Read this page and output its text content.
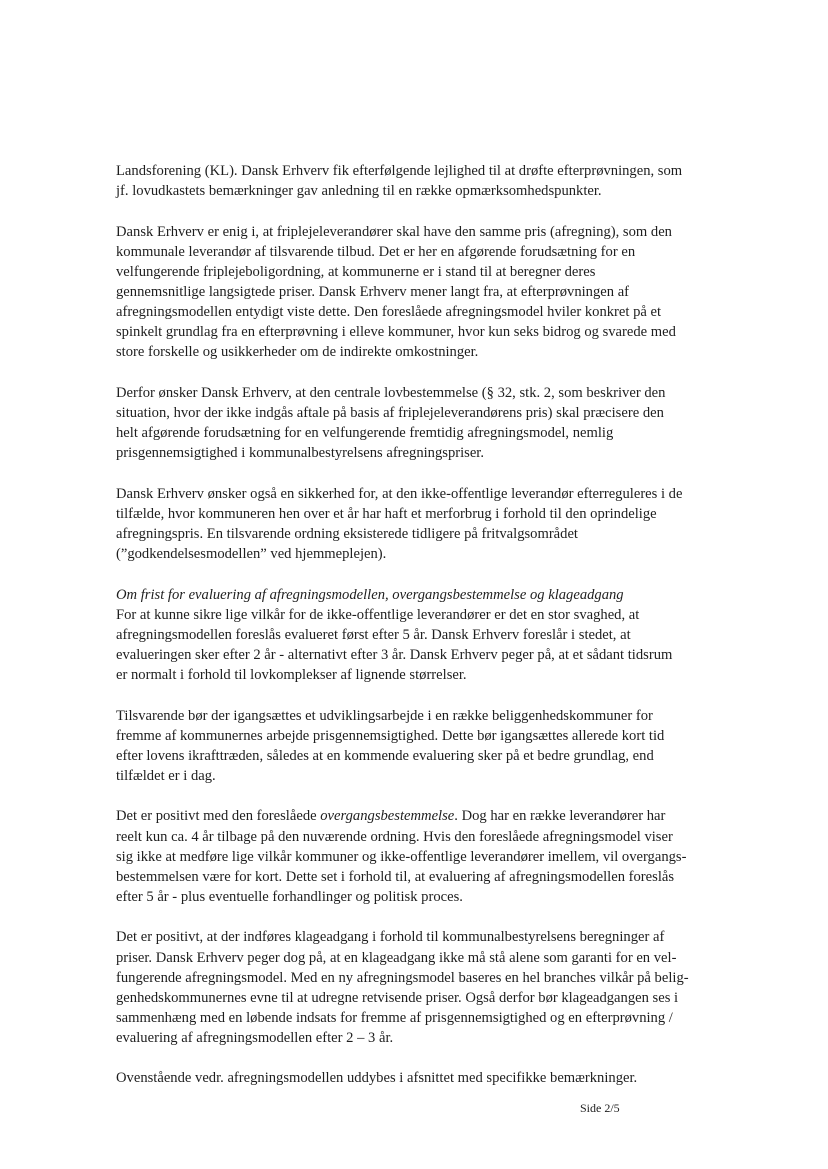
Landsforening (KL). Dansk Erhverv fik efterfølgende lejlighed til at drøfte efterprøvningen, som
jf. lovudkastets bemærkninger gav anledning til en række opmærksomhedspunkter.

Dansk Erhverv er enig i, at friplejeleverandører skal have den samme pris (afregning), som den
kommunale leverandør af tilsvarende tilbud. Det er her en afgørende forudsætning for en
velfungerende friplejeboligordning, at kommunerne er i stand til at beregner deres
gennemsnitlige langsigtede priser. Dansk Erhverv mener langt fra, at efterprøvningen af
afregningsmodellen entydigt viste dette. Den foreslåede afregningsmodel hviler konkret på et
spinkelt grundlag fra en efterprøvning i elleve kommuner, hvor kun seks bidrog og svarede med
store forskelle og usikkerheder om de indirekte omkostninger.

Derfor ønsker Dansk Erhverv, at den centrale lovbestemmelse (§ 32, stk. 2, som beskriver den
situation, hvor der ikke indgås aftale på basis af friplejeleverandørens pris) skal præcisere den
helt afgørende forudsætning for en velfungerende fremtidig afregningsmodel, nemlig
prisgennemsigtighed i kommunalbestyrelsens afregningspriser.

Dansk Erhverv ønsker også en sikkerhed for, at den ikke-offentlige leverandør efterreguleres i de
tilfælde, hvor kommuneren hen over et år har haft et merforbrug i forhold til den oprindelige
afregningspris. En tilsvarende ordning eksisterede tidligere på fritvalgsområdet
(”godkendelsesmodellen” ved hjemmeplejen).

Om frist for evaluering af afregningsmodellen, overgangsbestemmelse og klageadgang
For at kunne sikre lige vilkår for de ikke-offentlige leverandører er det en stor svaghed, at
afregningsmodellen foreslås evalueret først efter 5 år. Dansk Erhverv foreslår i stedet, at
evalueringen sker efter 2 år - alternativt efter 3 år. Dansk Erhverv peger på, at et sådant tidsrum
er normalt i forhold til lovkomplekser af lignende størrelser.

Tilsvarende bør der igangsættes et udviklingsarbejde i en række beliggenhedskommuner for
fremme af kommunernes arbejde prisgennemsigtighed. Dette bør igangsættes allerede kort tid
efter lovens ikrafttræden, således at en kommende evaluering sker på et bedre grundlag, end
tilfældet er i dag.

Det er positivt med den foreslåede overgangsbestemmelse. Dog har en række leverandører har
reelt kun ca. 4 år tilbage på den nuværende ordning. Hvis den foreslåede afregningsmodel viser
sig ikke at medføre lige vilkår kommuner og ikke-offentlige leverandører imellem, vil overgangs-
bestemmelsen være for kort. Dette set i forhold til, at evaluering af afregningsmodellen foreslås
efter 5 år - plus eventuelle forhandlinger og politisk proces.

Det er positivt, at der indføres klageadgang i forhold til kommunalbestyrelsens beregninger af
priser. Dansk Erhverv peger dog på, at en klageadgang ikke må stå alene som garanti for en vel-
fungerende afregningsmodel. Med en ny afregningsmodel baseres en hel branches vilkår på belig-
genhedskommunernes evne til at udregne retvisende priser. Også derfor bør klageadgangen ses i
sammenhæng med en løbende indsats for fremme af prisgennemsigtighed og en efterprøvning /
evaluering af afregningsmodellen efter 2 – 3 år.

Ovenstående vedr. afregningsmodellen uddybes i afsnittet med specifikke bemærkninger.

Side 2/5
